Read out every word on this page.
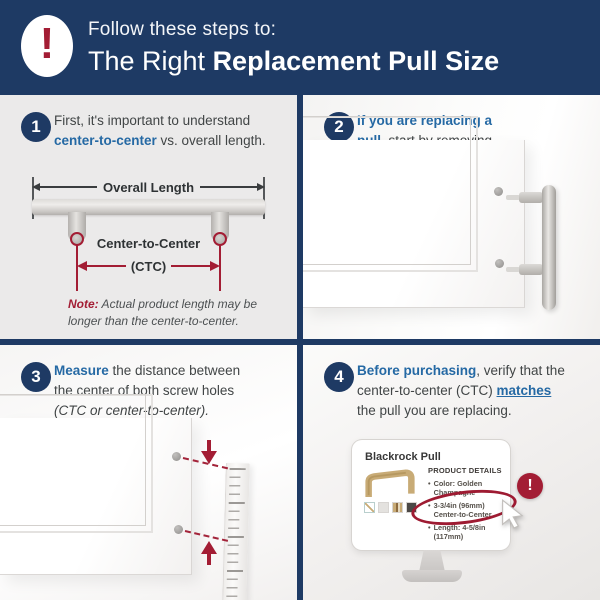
! Follow these steps to:
The Right Replacement Pull Size
1 First, it's important to understand
center-to-center vs. overall length.
Overall Length
Center-to-Center
(CTC)
Note: Actual product length may be longer than the center-to-center.
2 If you are replacing a
3 Measure the distance between
the center of both screw holes
(CTC or center-to-center).
4 Before purchasing, verify that the
center-to-center (CTC) matches
the pull you are replacing.
Blackrock Pull
PRODUCT DETAILS
• Color: Golden Champagne
• 3-3/4in (96mm) Center-to-Center
• Length: 4-5/8in (117mm)
!
